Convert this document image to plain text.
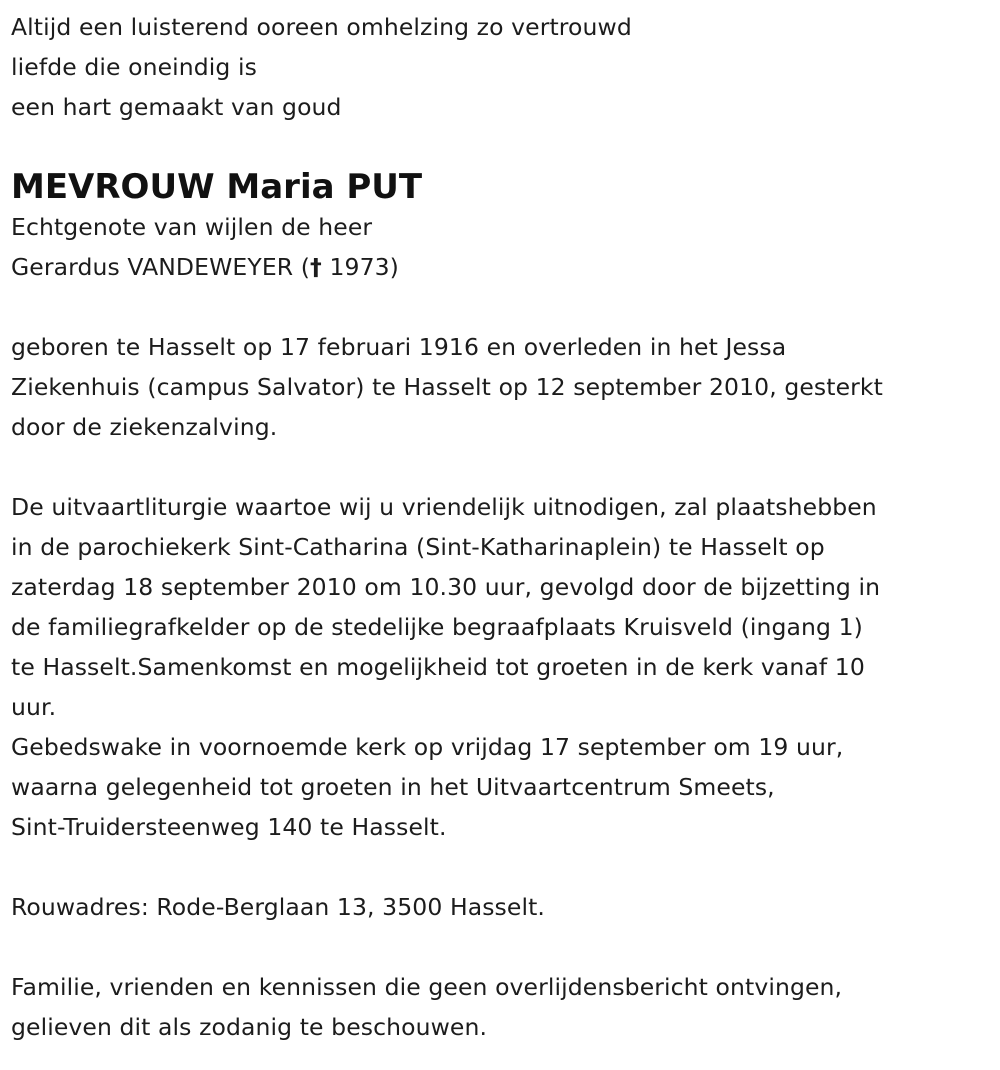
Altijd een luisterend ooreen omhelzing zo vertrouwd
liefde die oneindig is
een hart gemaakt van goud
MEVROUW Maria PUT
Echtgenote van wijlen de heer
Gerardus VANDEWEYER († 1973)
geboren te Hasselt op 17 februari 1916 en overleden in het Jessa
Ziekenhuis (campus Salvator) te Hasselt op 12 september 2010, gesterkt
door de ziekenzalving.
De uitvaartliturgie waartoe wij u vriendelijk uitnodigen, zal plaatshebben
in de parochiekerk Sint-Catharina (Sint-Katharinaplein) te Hasselt op
zaterdag 18 september 2010 om 10.30 uur, gevolgd door de bijzetting in
de familiegrafkelder op de stedelijke begraafplaats Kruisveld (ingang 1)
te Hasselt.Samenkomst en mogelijkheid tot groeten in de kerk vanaf 10
uur.
Gebedswake in voornoemde kerk op vrijdag 17 september om 19 uur,
waarna gelegenheid tot groeten in het Uitvaartcentrum Smeets,
Sint-Truidersteenweg 140 te Hasselt.
Rouwadres: Rode-Berglaan 13, 3500 Hasselt.
Familie, vrienden en kennissen die geen overlijdensbericht ontvingen,
gelieven dit als zodanig te beschouwen.
